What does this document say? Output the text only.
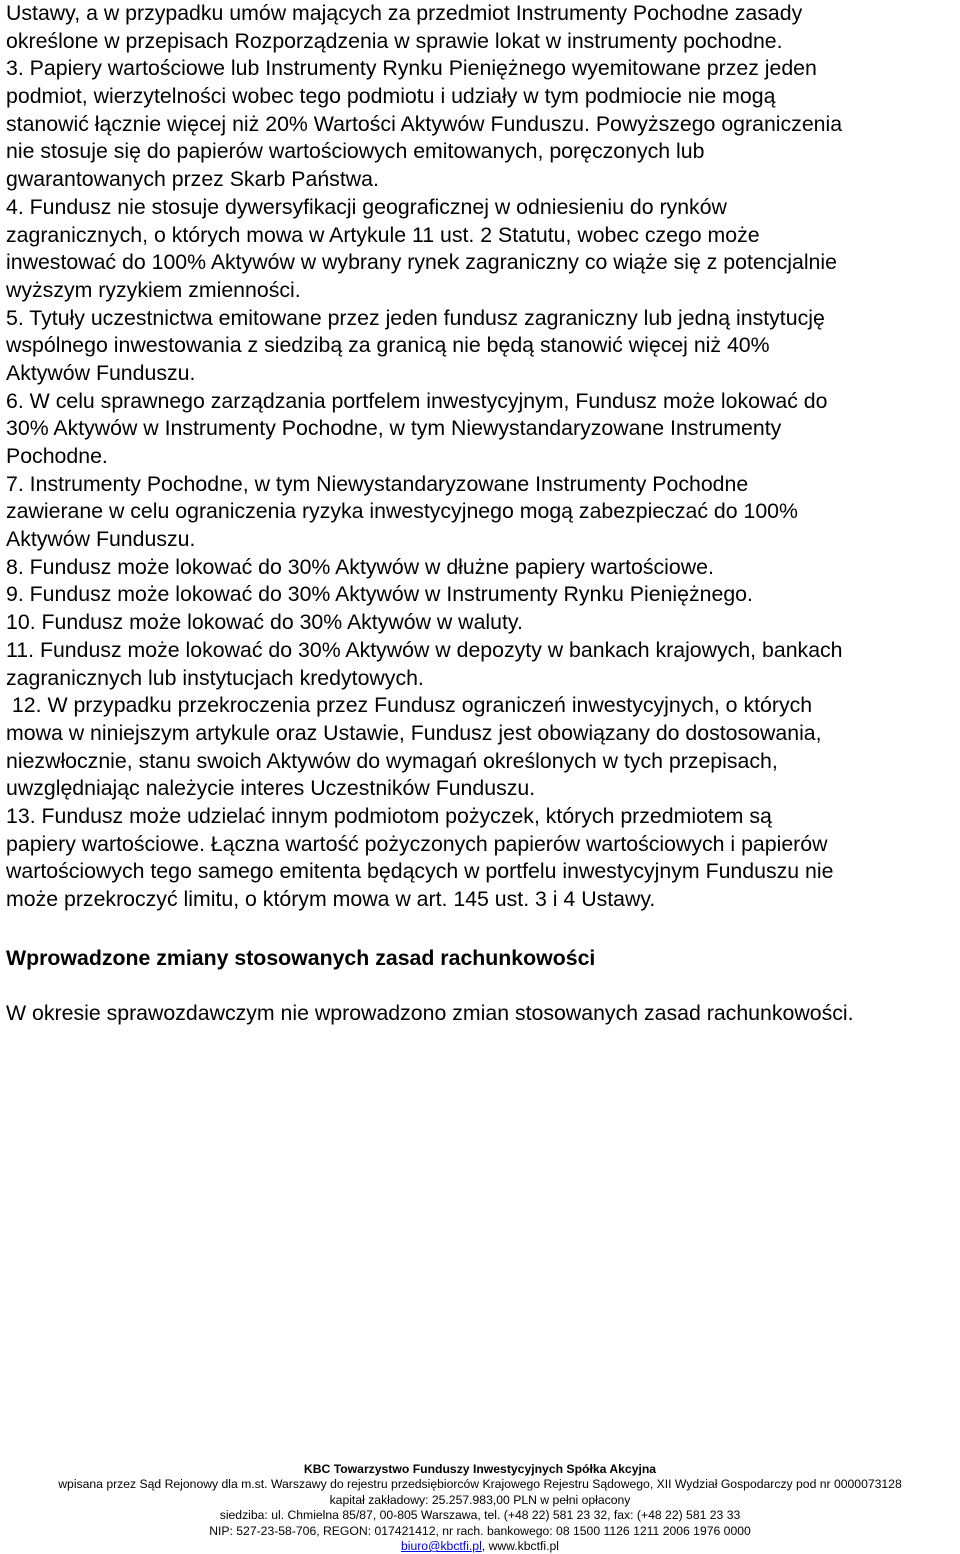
Ustawy, a w przypadku umów mających za przedmiot Instrumenty Pochodne zasady

określone w przepisach Rozporządzenia w sprawie lokat w instrumenty pochodne.

3. Papiery wartościowe lub Instrumenty Rynku Pieniężnego wyemitowane przez jeden

podmiot, wierzytelności wobec tego podmiotu i udziały w tym podmiocie nie mogą

stanowić łącznie więcej niż 20% Wartości Aktywów Funduszu. Powyższego ograniczenia

nie stosuje się do papierów wartościowych emitowanych, poręczonych lub

gwarantowanych przez Skarb Państwa.

4. Fundusz nie stosuje dywersyfikacji geograficznej w odniesieniu do rynków

zagranicznych, o których mowa w Artykule 11 ust. 2 Statutu, wobec czego może

inwestować do 100% Aktywów w wybrany rynek zagraniczny co wiąże się z potencjalnie

wyższym ryzykiem zmienności.

5. Tytuły uczestnictwa emitowane przez jeden fundusz zagraniczny lub jedną instytucję

wspólnego inwestowania z siedzibą za granicą nie będą stanowić więcej niż 40%

Aktywów Funduszu.

6. W celu sprawnego zarządzania portfelem inwestycyjnym, Fundusz może lokować do

30% Aktywów w Instrumenty Pochodne, w tym Niewystandaryzowane Instrumenty

Pochodne.

7. Instrumenty Pochodne, w tym Niewystandaryzowane Instrumenty Pochodne

zawierane w celu ograniczenia ryzyka inwestycyjnego mogą zabezpieczać do 100%

Aktywów Funduszu.

8. Fundusz może lokować do 30% Aktywów w dłużne papiery wartościowe.

9. Fundusz może lokować do 30% Aktywów w Instrumenty Rynku Pieniężnego.

10. Fundusz może lokować do 30% Aktywów w waluty.

11. Fundusz może lokować do 30% Aktywów w depozyty w bankach krajowych, bankach

zagranicznych lub instytucjach kredytowych.

12. W przypadku przekroczenia przez Fundusz ograniczeń inwestycyjnych, o których

mowa w niniejszym artykule oraz Ustawie, Fundusz jest obowiązany do dostosowania,

niezwłocznie, stanu swoich Aktywów do wymagań określonych w tych przepisach,

uwzględniając należycie interes Uczestników Funduszu.

13. Fundusz może udzielać innym podmiotom pożyczek, których przedmiotem są

papiery wartościowe. Łączna wartość pożyczonych papierów wartościowych i papierów

wartościowych tego samego emitenta będących w portfelu inwestycyjnym Funduszu nie

może przekroczyć limitu, o którym mowa w art. 145 ust. 3 i 4 Ustawy.

Wprowadzone zmiany stosowanych zasad rachunkowości
W okresie sprawozdawczym nie wprowadzono zmian stosowanych zasad rachunkowości.
KBC Towarzystwo Funduszy Inwestycyjnych Spółka Akcyjna
wpisana przez Sąd Rejonowy dla m.st. Warszawy do rejestru przedsiębiorców Krajowego Rejestru Sądowego, XII Wydział Gospodarczy pod nr 0000073128
kapitał zakładowy: 25.257.983,00 PLN w pełni opłacony
siedziba: ul. Chmielna 85/87, 00-805 Warszawa, tel. (+48 22) 581 23 32, fax: (+48 22) 581 23 33
NIP: 527-23-58-706, REGON: 017421412, nr rach. bankowego: 08 1500 1126 1211 2006 1976 0000
biuro@kbctfi.pl, www.kbctfi.pl
